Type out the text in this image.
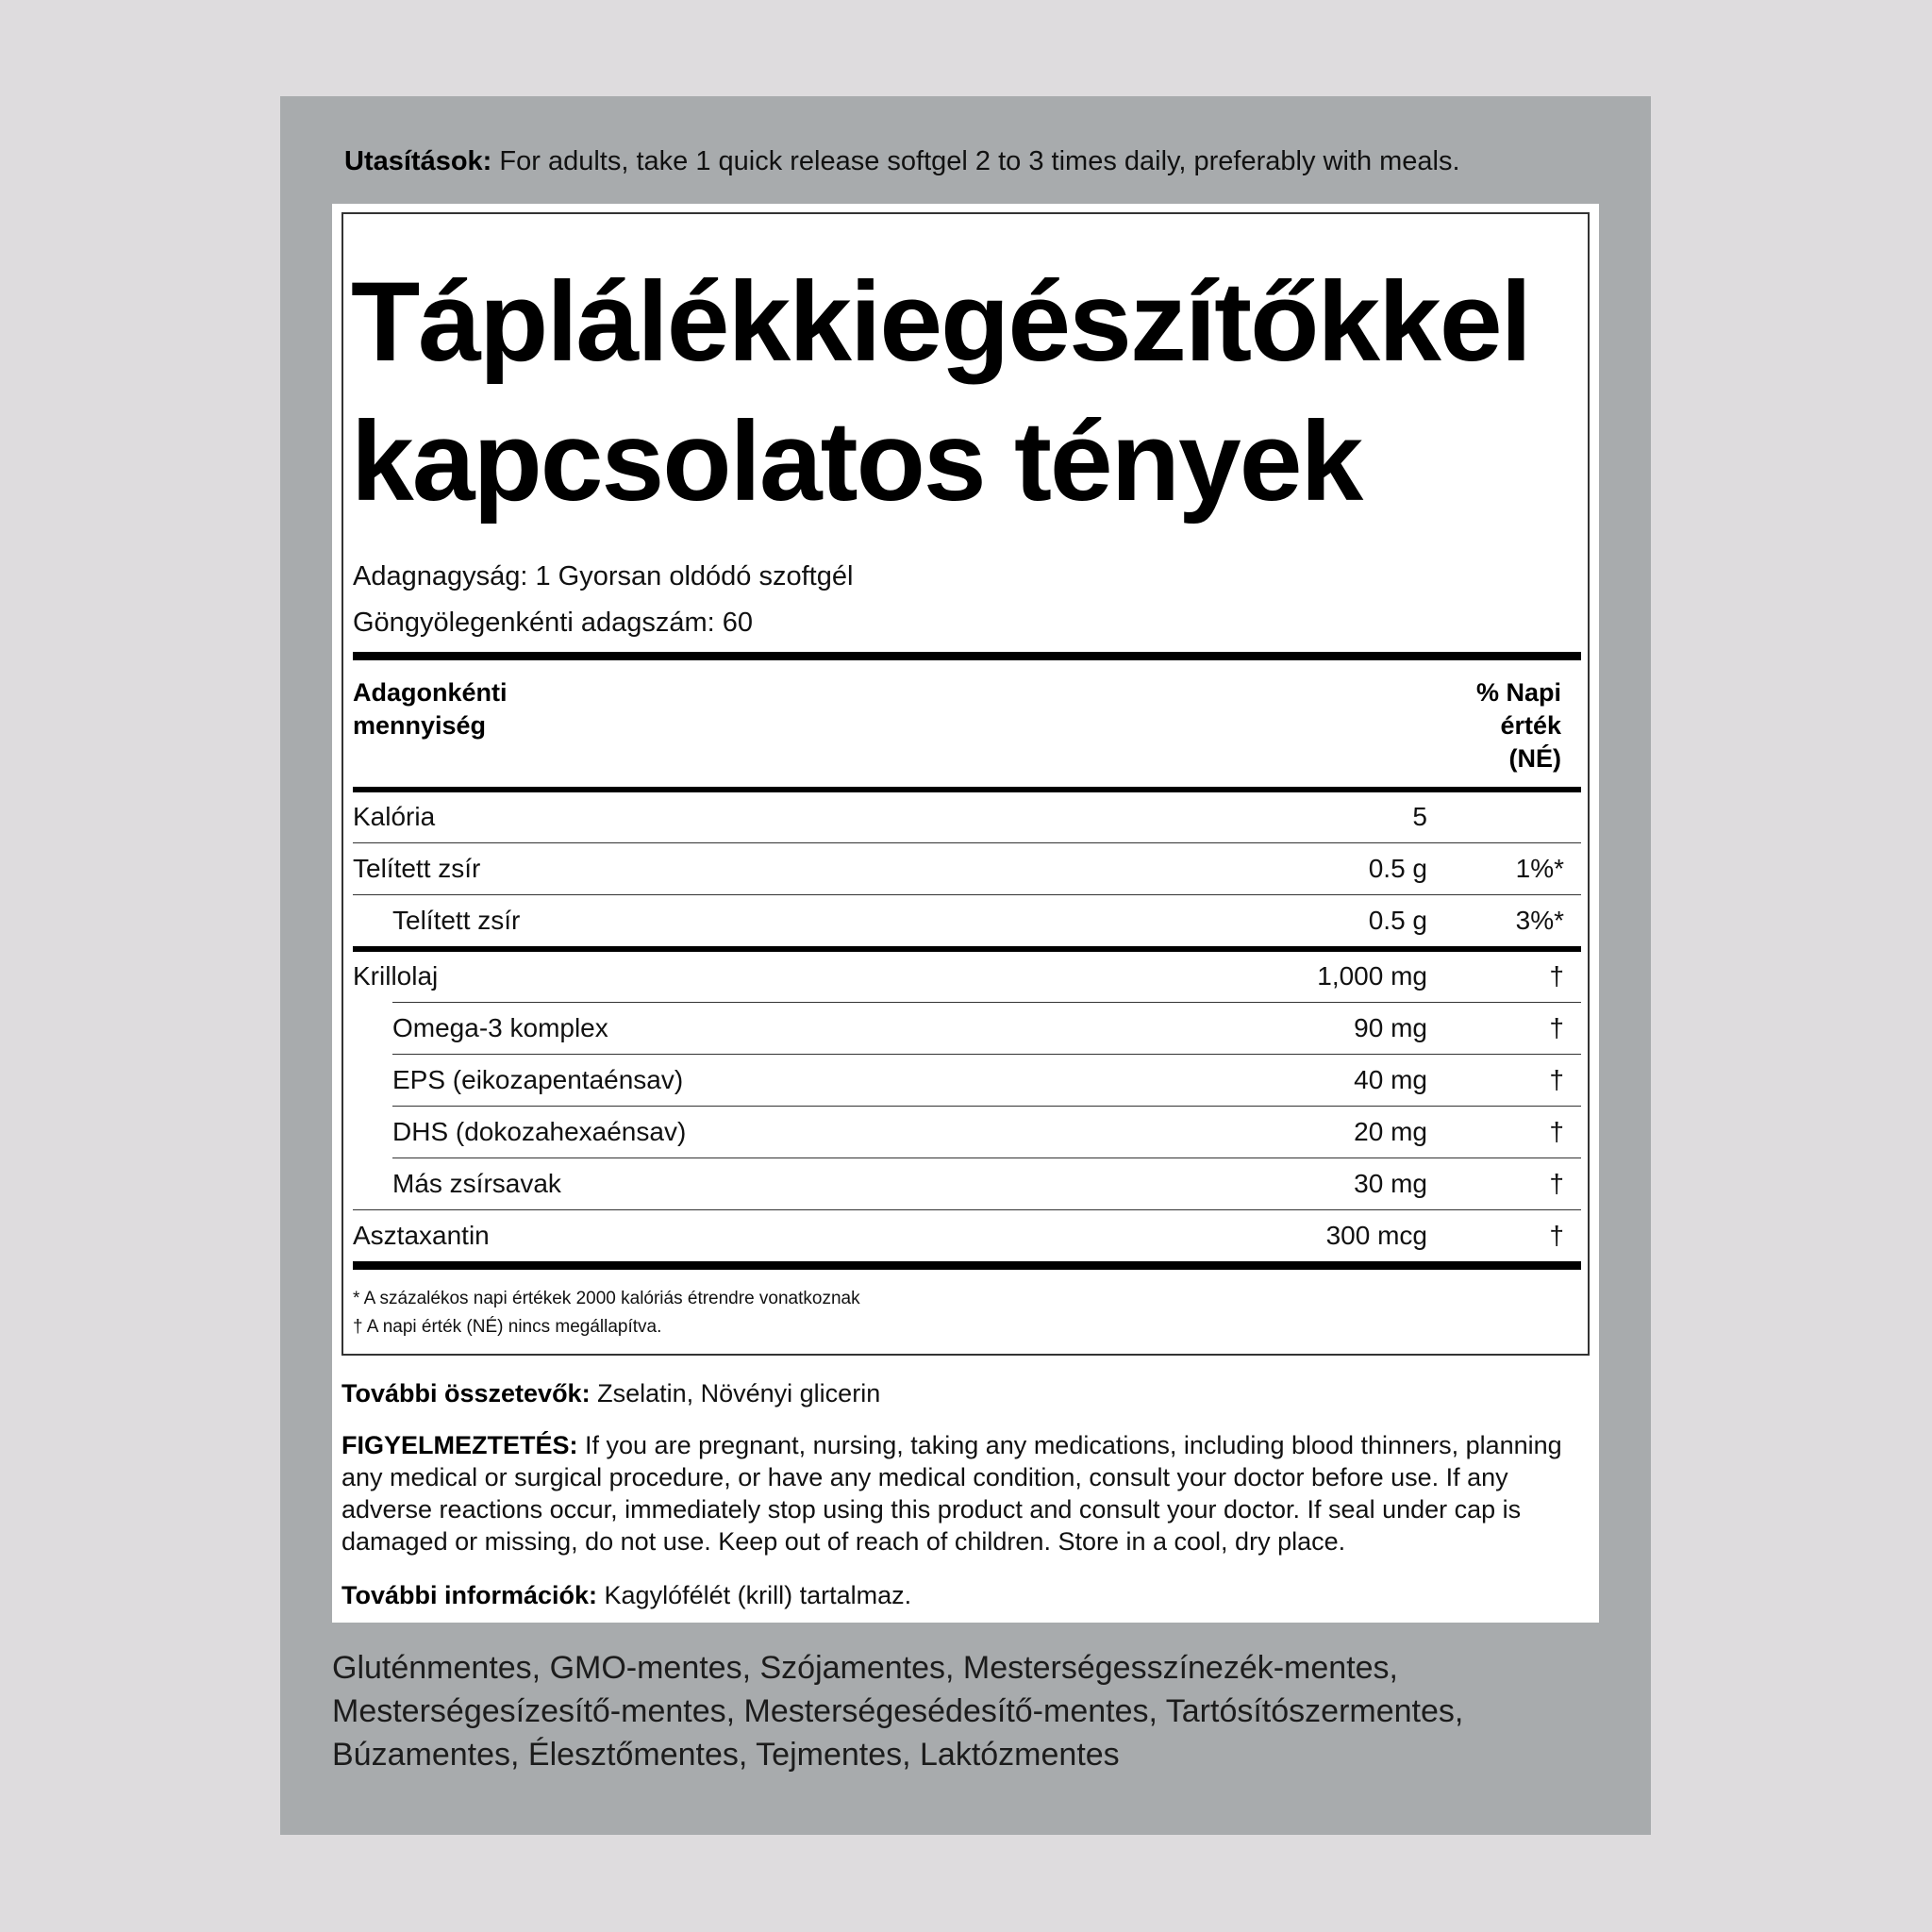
Utasítások: For adults, take 1 quick release softgel 2 to 3 times daily, preferably with meals.
Táplálékkiegészítőkkel
kapcsolatos tények
Adagnagyság: 1 Gyorsan oldódó szoftgél
Göngyölegenkénti adagszám: 60
Adagonkénti
mennyiség
% Napi
érték
(NÉ)
Kalória	5
Telített zsír	0.5 g	1%*
Telített zsír	0.5 g	3%*
Krillolaj	1,000 mg	†
Omega-3 komplex	90 mg	†
EPS (eikozapentaénsav)	40 mg	†
DHS (dokozahexaénsav)	20 mg	†
Más zsírsavak	30 mg	†
Asztaxantin	300 mcg	†
* A százalékos napi értékek 2000 kalóriás étrendre vonatkoznak
† A napi érték (NÉ) nincs megállapítva.
További összetevők: Zselatin, Növényi glicerin
FIGYELMEZTETÉS: If you are pregnant, nursing, taking any medications, including blood thinners, planning any medical or surgical procedure, or have any medical condition, consult your doctor before use. If any adverse reactions occur, immediately stop using this product and consult your doctor. If seal under cap is damaged or missing, do not use. Keep out of reach of children. Store in a cool, dry place.
További információk: Kagylófélét (krill) tartalmaz.
Gluténmentes, GMO-mentes, Szójamentes, Mesterségesszínezék-mentes, Mesterségesízesítő-mentes, Mesterségesédesítő-mentes, Tartósítószermentes, Búzamentes, Élesztőmentes, Tejmentes, Laktózmentes
